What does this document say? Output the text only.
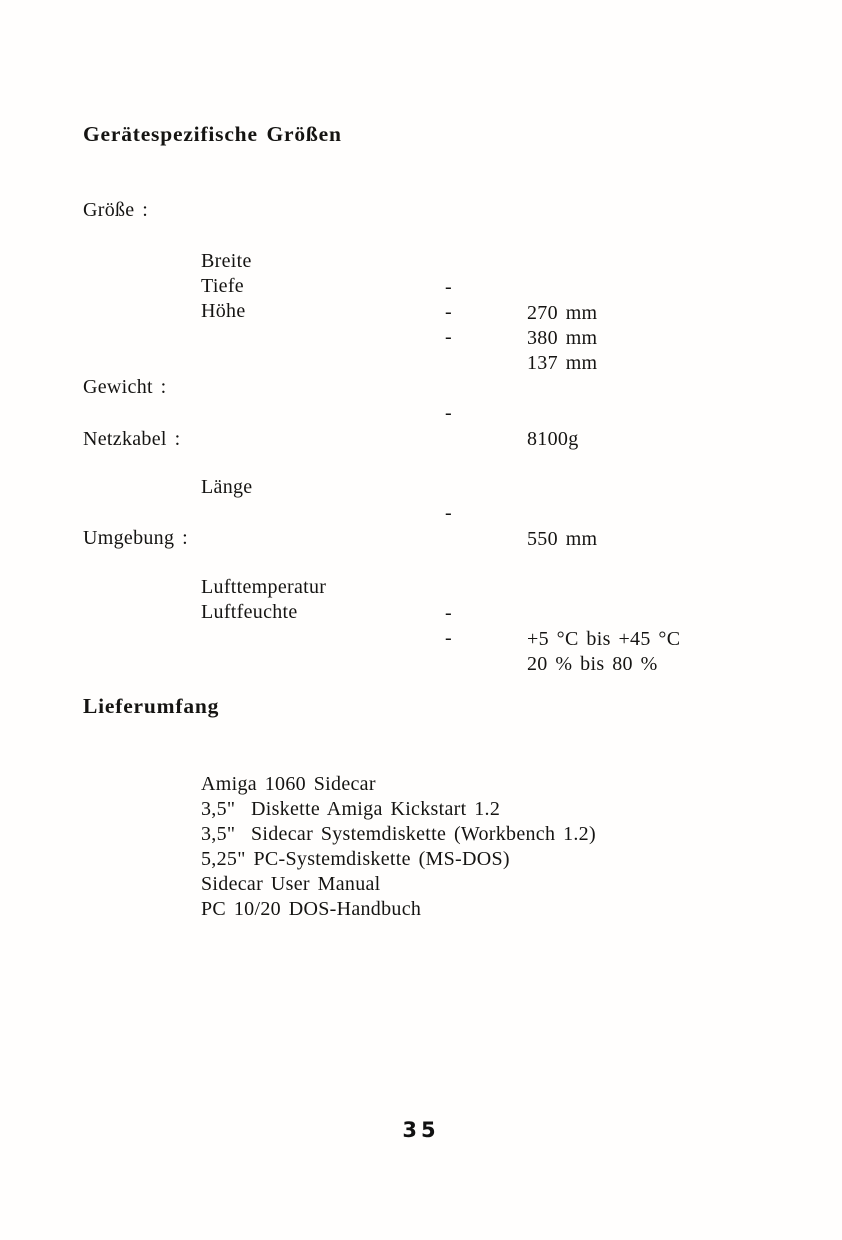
Gerätespezifische Größen

Größe :

Breite

-

270 mm

Tiefe

-

380 mm

Höhe

-

137 mm

Gewicht :

-

8100g

Netzkabel :

Länge

-

550 mm

Umgebung :

Lufttemperatur

-

+5 °C bis +45 °C

Luftfeuchte

-

20 % bis 80 %

Lieferumfang

Amiga 1060 Sidecar

3,5"  Diskette Amiga Kickstart 1.2

3,5"  Sidecar Systemdiskette (Workbench 1.2)

5,25" PC-Systemdiskette (MS-DOS)

Sidecar User Manual

PC 10/20 DOS-Handbuch

35
